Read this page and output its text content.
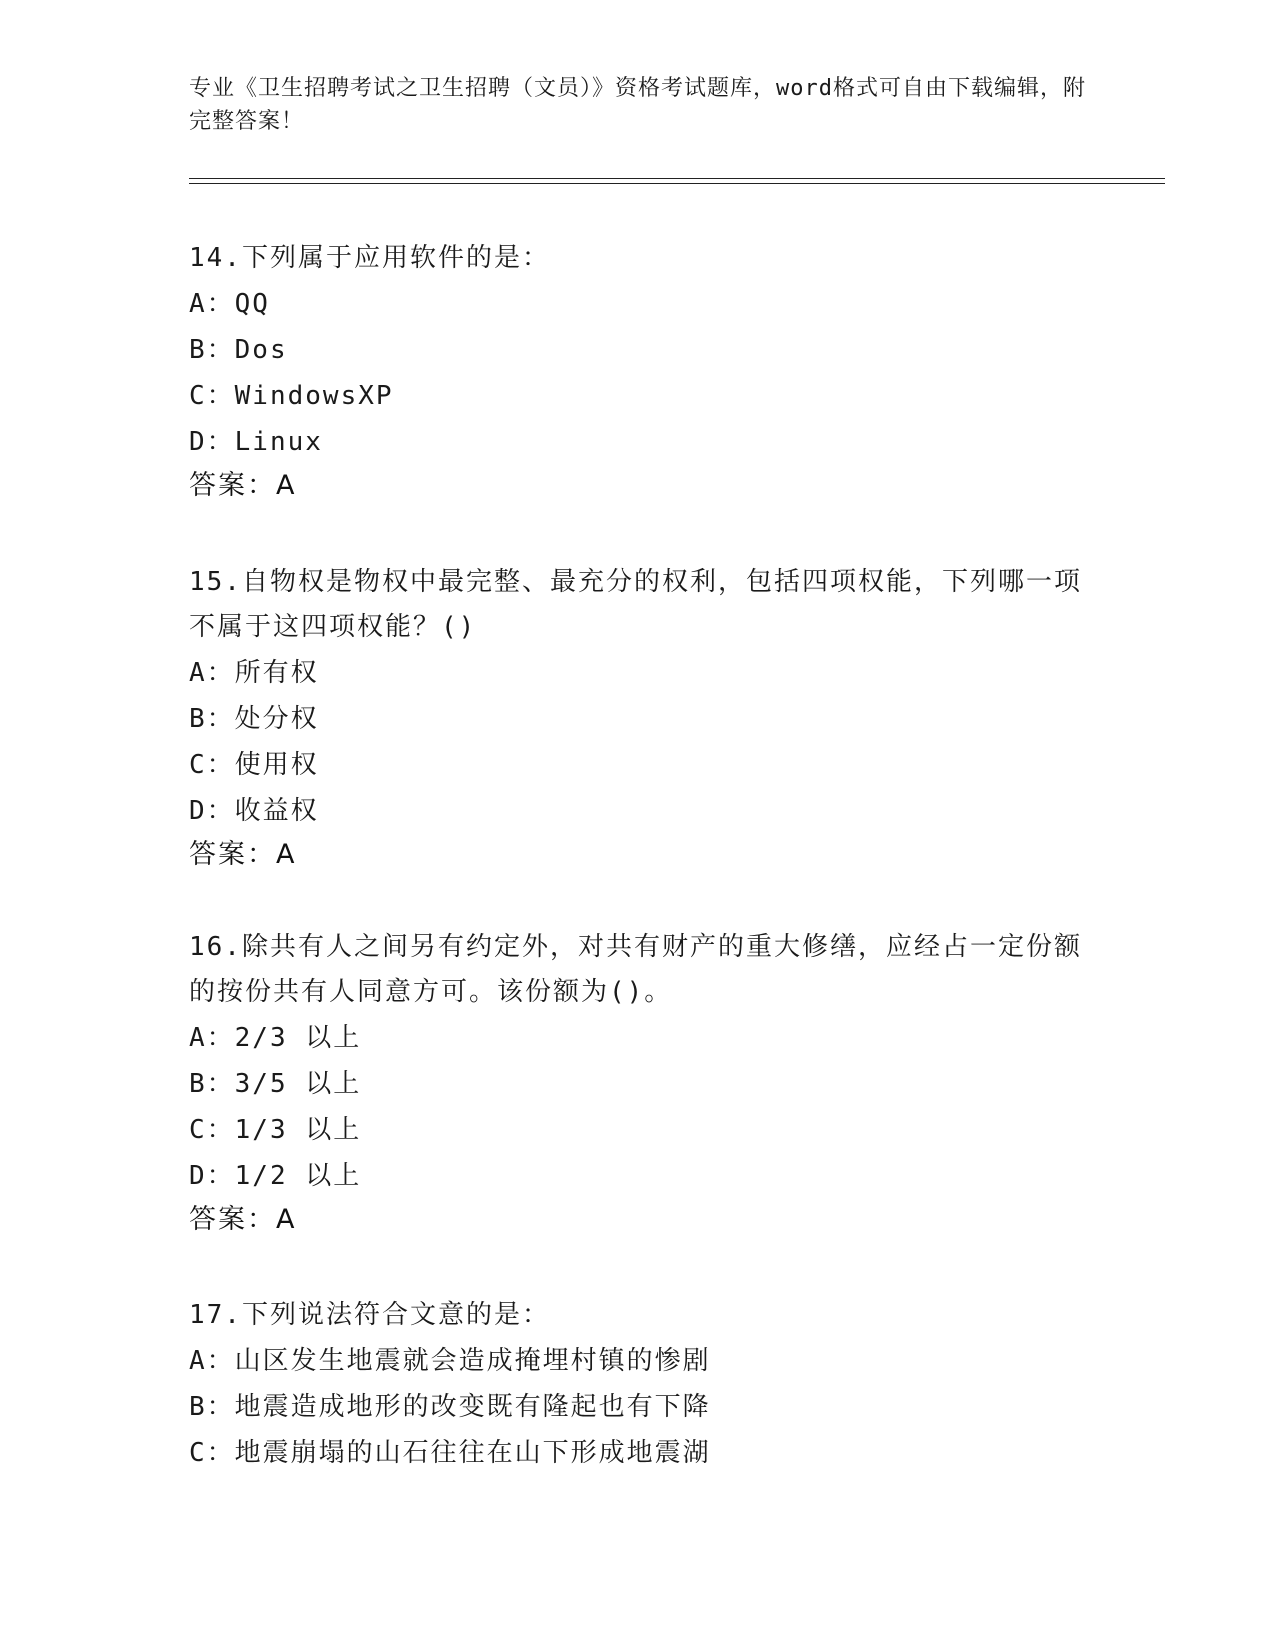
专业《卫生招聘考试之卫生招聘（文员）》资格考试题库，word格式可自由下载编辑，附完整答案！

14.下列属于应用软件的是：

A：QQ

B：Dos

C：WindowsXP

D：Linux

答案：A

15.自物权是物权中最完整、最充分的权利，包括四项权能，下列哪一项不属于这四项权能？()

A：所有权

B：处分权

C：使用权

D：收益权

答案：A

16.除共有人之间另有约定外，对共有财产的重大修缮，应经占一定份额的按份共有人同意方可。该份额为()。

A：2/3 以上

B：3/5 以上

C：1/3 以上

D：1/2 以上

答案：A

17.下列说法符合文意的是：

A：山区发生地震就会造成掩埋村镇的惨剧

B：地震造成地形的改变既有隆起也有下降

C：地震崩塌的山石往往在山下形成地震湖
